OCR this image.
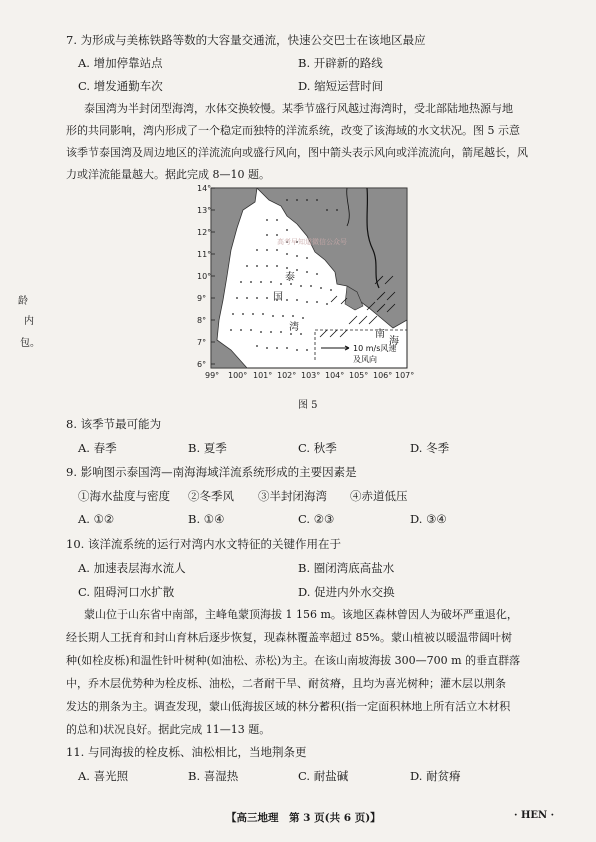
7. 为形成与美栋铁路等数的大容量交通流，快速公交巴士在该地区最应
A. 增加停靠站点	B. 开辟新的路线
C. 增发通勤车次	D. 缩短运营时间
泰国湾为半封闭型海湾，水体交换较慢。某季节盛行风越过海湾时，受北部陆地热源与地
形的共同影响，湾内形成了一个稳定而独特的洋流系统，改变了该海域的水文状况。图 5 示意
该季节泰国湾及周边地区的洋流流向或盛行风向，图中箭头表示风向或洋流流向，箭尾越长，风
力或洋流能量越大。据此完成 8—10 题。
14°
13°
12°
11°
10°
9°
8°
7°
6°
99° 100° 101° 102° 103° 104° 105° 106° 107°
泰
国
湾
南
海
10 m/s风速
及风向
高考早知道微信公众号
图 5
8. 该季节最可能为
A. 春季	B. 夏季	C. 秋季	D. 冬季
9. 影响图示泰国湾—南海海域洋流系统形成的主要因素是
①海水盐度与密度 ②冬季风 ③半封闭海湾 ④赤道低压
A. ①②	B. ①④	C. ②③	D. ③④
10. 该洋流系统的运行对湾内水文特征的关键作用在于
A. 加速表层海水流人	B. 圈闭湾底高盐水
C. 阻碍河口水扩散	D. 促进内外水交换
蒙山位于山东省中南部，主峰龟蒙顶海拔 1 156 m。该地区森林曾因人为破坏严重退化，
经长期人工抚育和封山育林后逐步恢复，现森林覆盖率超过 85%。蒙山植被以暖温带阔叶树
种(如栓皮栎)和温性针叶树种(如油松、赤松)为主。在该山南坡海拔 300—700 m 的垂直群落
中，乔木层优势种为栓皮栎、油松，二者耐干旱、耐贫瘠，且均为喜光树种；灌木层以荆条
发达的荆条为主。调查发现，蒙山低海拔区域的林分蓄积(指一定面积林地上所有活立木材积
的总和)状况良好。据此完成 11—13 题。
11. 与同海拔的栓皮栎、油松相比，当地荆条更
A. 喜光照	B. 喜湿热	C. 耐盐碱	D. 耐贫瘠
龄
内
包。
【高三地理　第 3 页(共 6 页)】	· HEN ·
